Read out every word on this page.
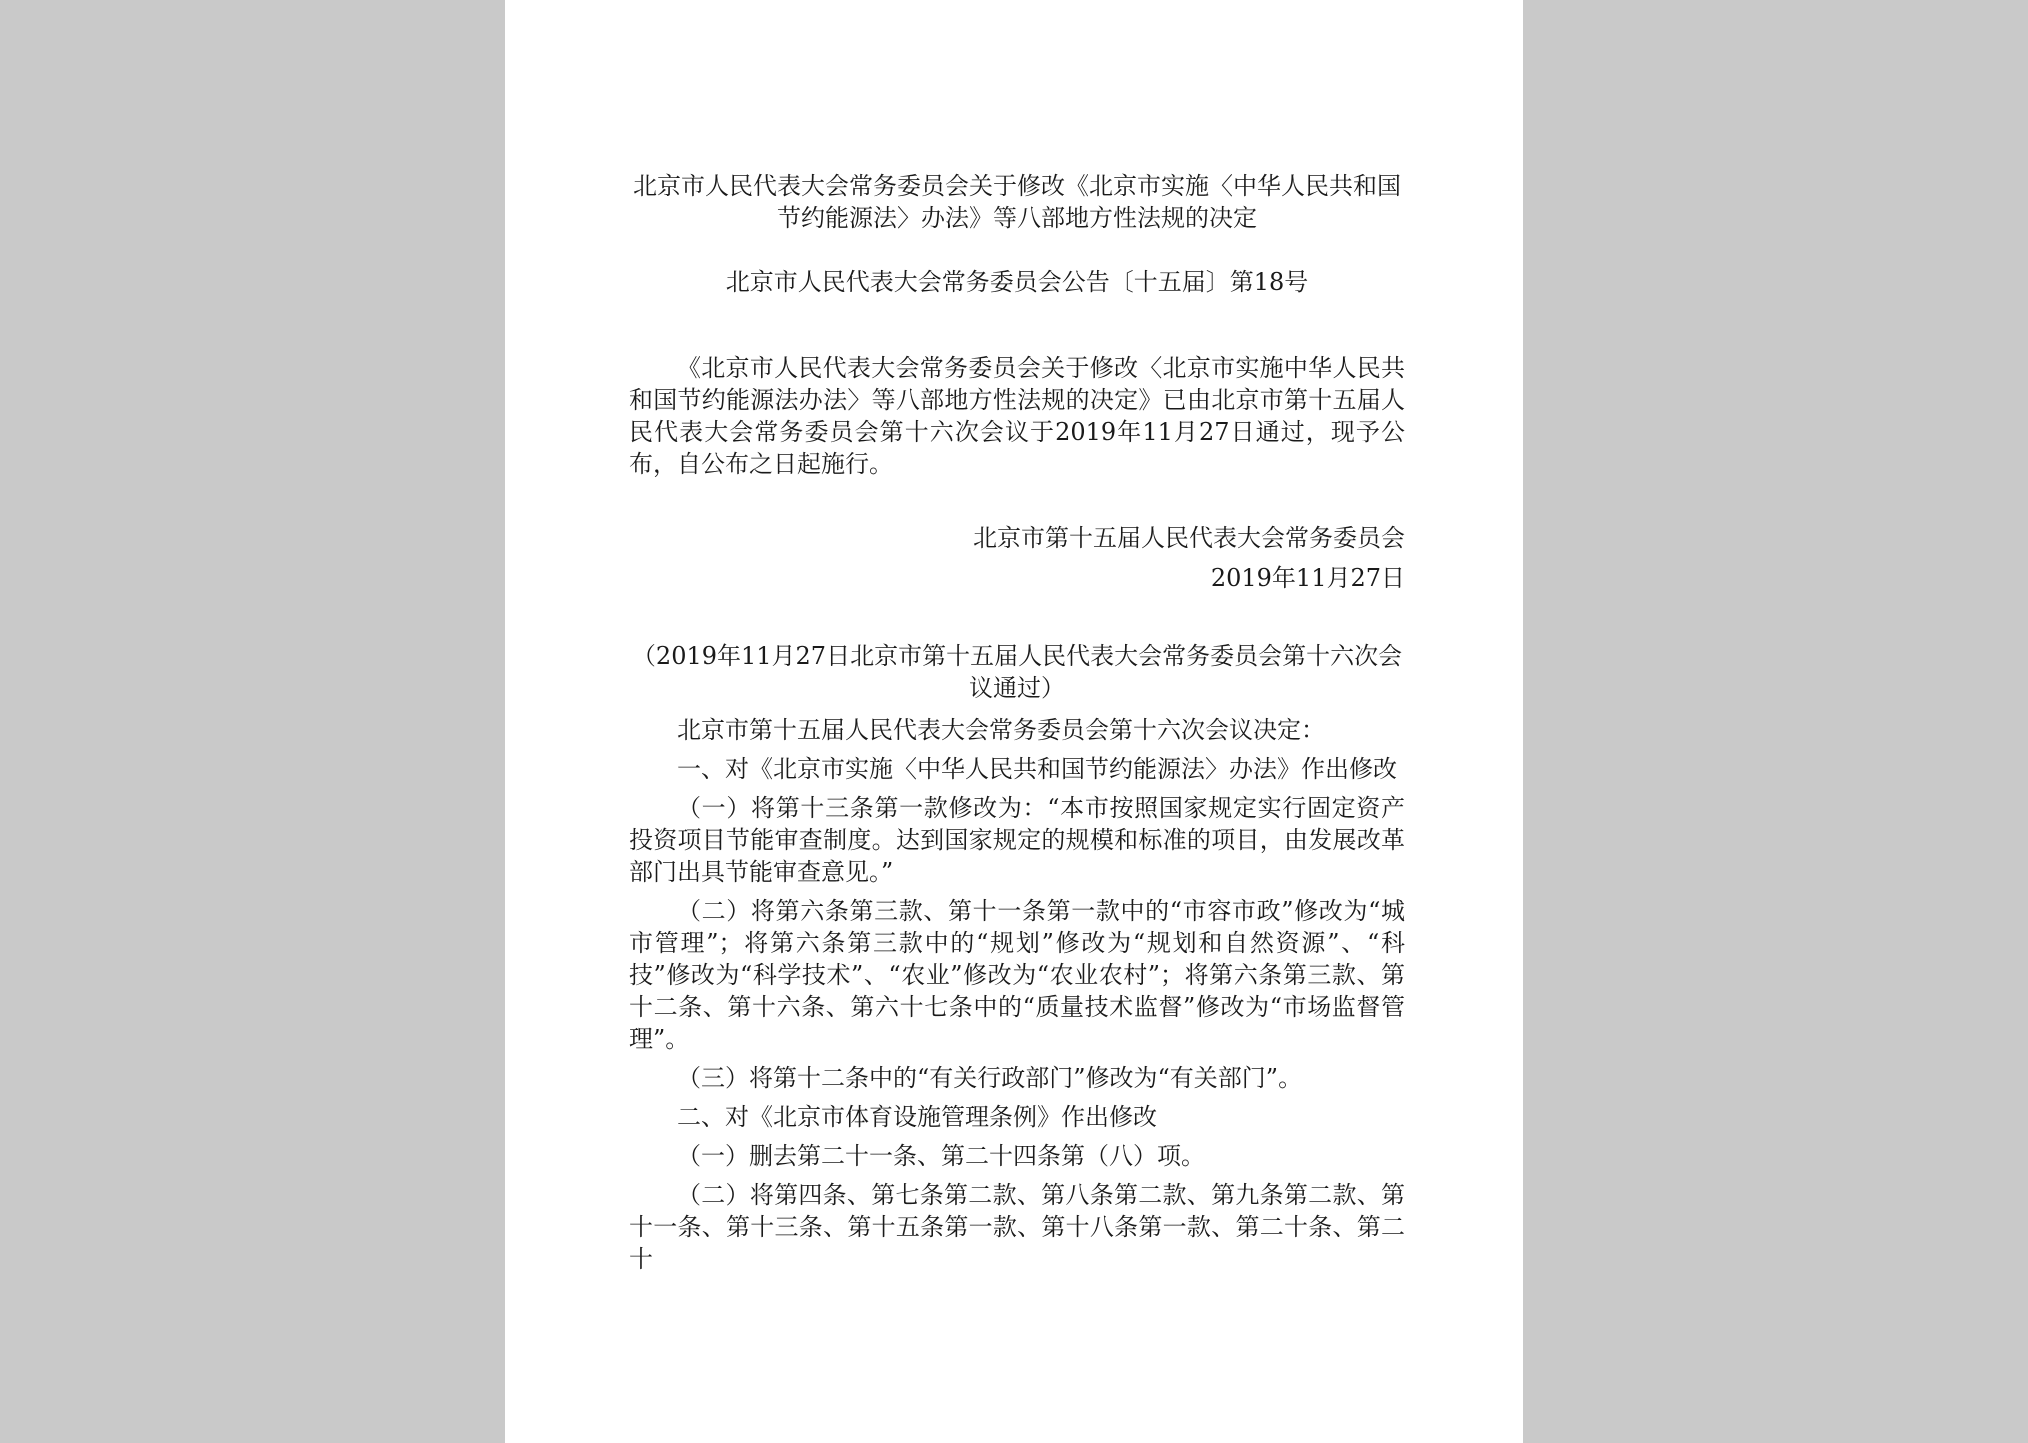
北京市人民代表大会常务委员会关于修改《北京市实施〈中华人民共和国节约能源法〉办法》等八部地方性法规的决定

北京市人民代表大会常务委员会公告〔十五届〕第18号

《北京市人民代表大会常务委员会关于修改〈北京市实施中华人民共和国节约能源法办法〉等八部地方性法规的决定》已由北京市第十五届人民代表大会常务委员会第十六次会议于2019年11月27日通过，现予公布，自公布之日起施行。

北京市第十五届人民代表大会常务委员会

2019年11月27日

（2019年11月27日北京市第十五届人民代表大会常务委员会第十六次会议通过）

北京市第十五届人民代表大会常务委员会第十六次会议决定：

一、对《北京市实施〈中华人民共和国节约能源法〉办法》作出修改

（一）将第十三条第一款修改为：“本市按照国家规定实行固定资产投资项目节能审查制度。达到国家规定的规模和标准的项目，由发展改革部门出具节能审查意见。”

（二）将第六条第三款、第十一条第一款中的“市容市政”修改为“城市管理”；将第六条第三款中的“规划”修改为“规划和自然资源”、“科技”修改为“科学技术”、“农业”修改为“农业农村”；将第六条第三款、第十二条、第十六条、第六十七条中的“质量技术监督”修改为“市场监督管理”。

（三）将第十二条中的“有关行政部门”修改为“有关部门”。

二、对《北京市体育设施管理条例》作出修改

（一）删去第二十一条、第二十四条第（八）项。

（二）将第四条、第七条第二款、第八条第二款、第九条第二款、第十一条、第十三条、第十五条第一款、第十八条第一款、第二十条、第二十
